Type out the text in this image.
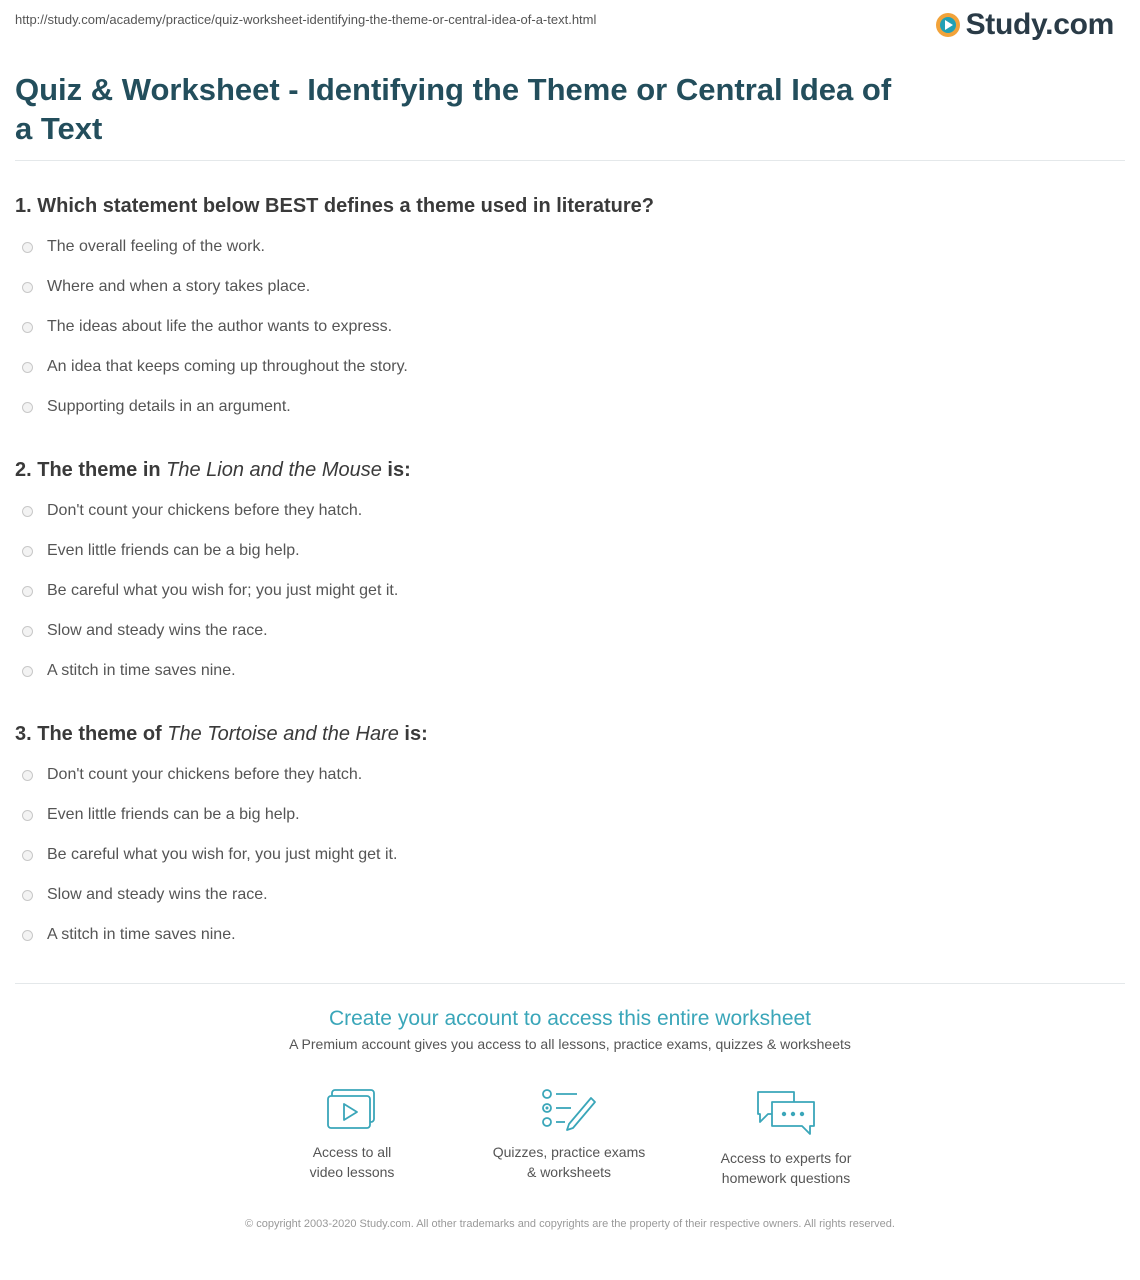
http://study.com/academy/practice/quiz-worksheet-identifying-the-theme-or-central-idea-of-a-text.html	Study.com
Quiz & Worksheet - Identifying the Theme or Central Idea of a Text
1. Which statement below BEST defines a theme used in literature?
The overall feeling of the work.
Where and when a story takes place.
The ideas about life the author wants to express.
An idea that keeps coming up throughout the story.
Supporting details in an argument.
2. The theme in The Lion and the Mouse is:
Don't count your chickens before they hatch.
Even little friends can be a big help.
Be careful what you wish for; you just might get it.
Slow and steady wins the race.
A stitch in time saves nine.
3. The theme of The Tortoise and the Hare is:
Don't count your chickens before they hatch.
Even little friends can be a big help.
Be careful what you wish for, you just might get it.
Slow and steady wins the race.
A stitch in time saves nine.
Create your account to access this entire worksheet
A Premium account gives you access to all lessons, practice exams, quizzes & worksheets
Access to all
video lessons
Quizzes, practice exams
& worksheets
Access to experts for
homework questions
© copyright 2003-2020 Study.com. All other trademarks and copyrights are the property of their respective owners. All rights reserved.
